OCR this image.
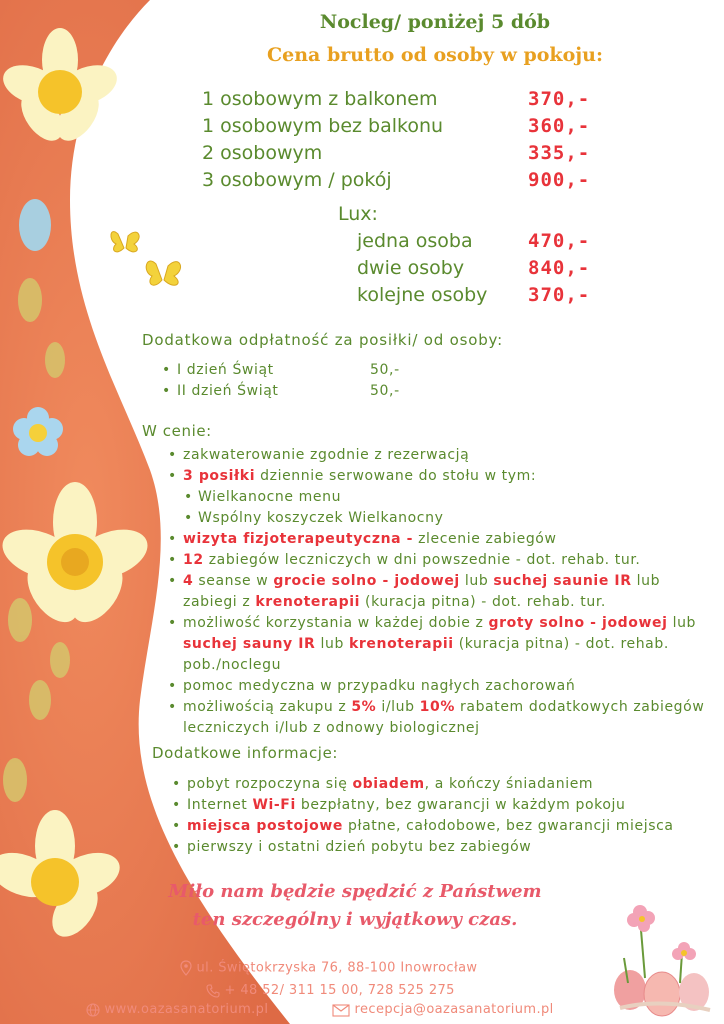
Nocleg/ poniżej 5 dób
Cena brutto od osoby w pokoju:
1 osobowym z balkonem	370,-
1 osobowym bez balkonu	360,-
2 osobowym	335,-
3 osobowym / pokój	900,-
Lux:
jedna osoba	470,-
dwie osoby	840,-
kolejne osoby 370,-
Dodatkowa odpłatność za posiłki/ od osoby:
• I dzień Świąt	50,-
• II dzień Świąt	50,-
W cenie:
• zakwaterowanie zgodnie z rezerwacją
• 3 posiłki dziennie serwowane do stołu w tym:
• Wielkanocne menu
• Wspólny koszyczek Wielkanocny
• wizyta fizjoterapeutyczna - zlecenie zabiegów
• 12 zabiegów leczniczych w dni powszednie - dot. rehab. tur.
• 4 seanse w grocie solno - jodowej lub suchej saunie IR lub zabiegi z krenoterapii (kuracja pitna) - dot. rehab. tur.
• możliwość korzystania w każdej dobie z groty solno - jodowej lub suchej sauny IR lub krenoterapii (kuracja pitna) - dot. rehab. pob./noclegu
• pomoc medyczna w przypadku nagłych zachorowań
• możliwością zakupu z 5% i/lub 10% rabatem dodatkowych zabiegów leczniczych i/lub z odnowy biologicznej
Dodatkowe informacje:
• pobyt rozpoczyna się obiadem, a kończy śniadaniem
• Internet Wi-Fi bezpłatny, bez gwarancji w każdym pokoju
• miejsca postojowe płatne, całodobowe, bez gwarancji miejsca
• pierwszy i ostatni dzień pobytu bez zabiegów
Miło nam będzie spędzić z Państwem
ten szczególny i wyjątkowy czas.
ul. Świętokrzyska 76, 88-100 Inowrocław
+ 48 52/ 311 15 00, 728 525 275
www.oazasanatorium.pl	recepcja@oazasanatorium.pl
